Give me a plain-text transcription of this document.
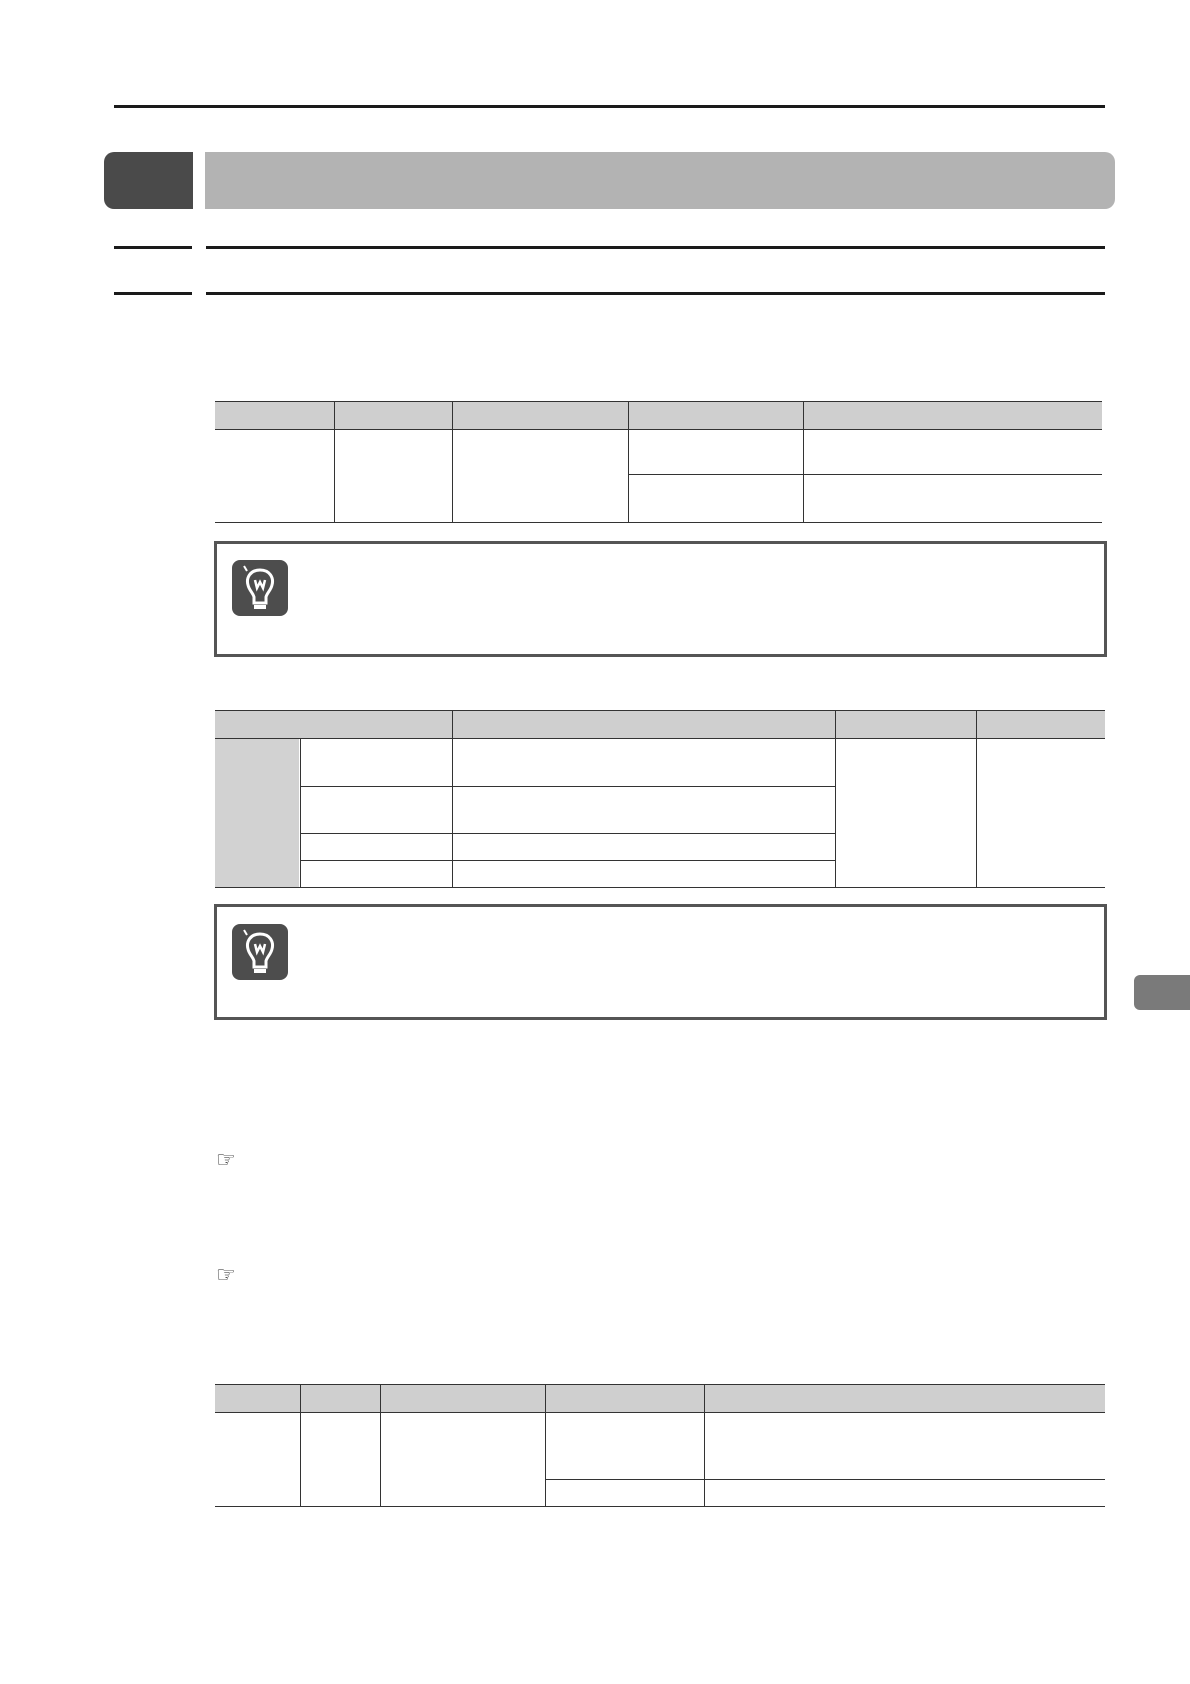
☞
☞
